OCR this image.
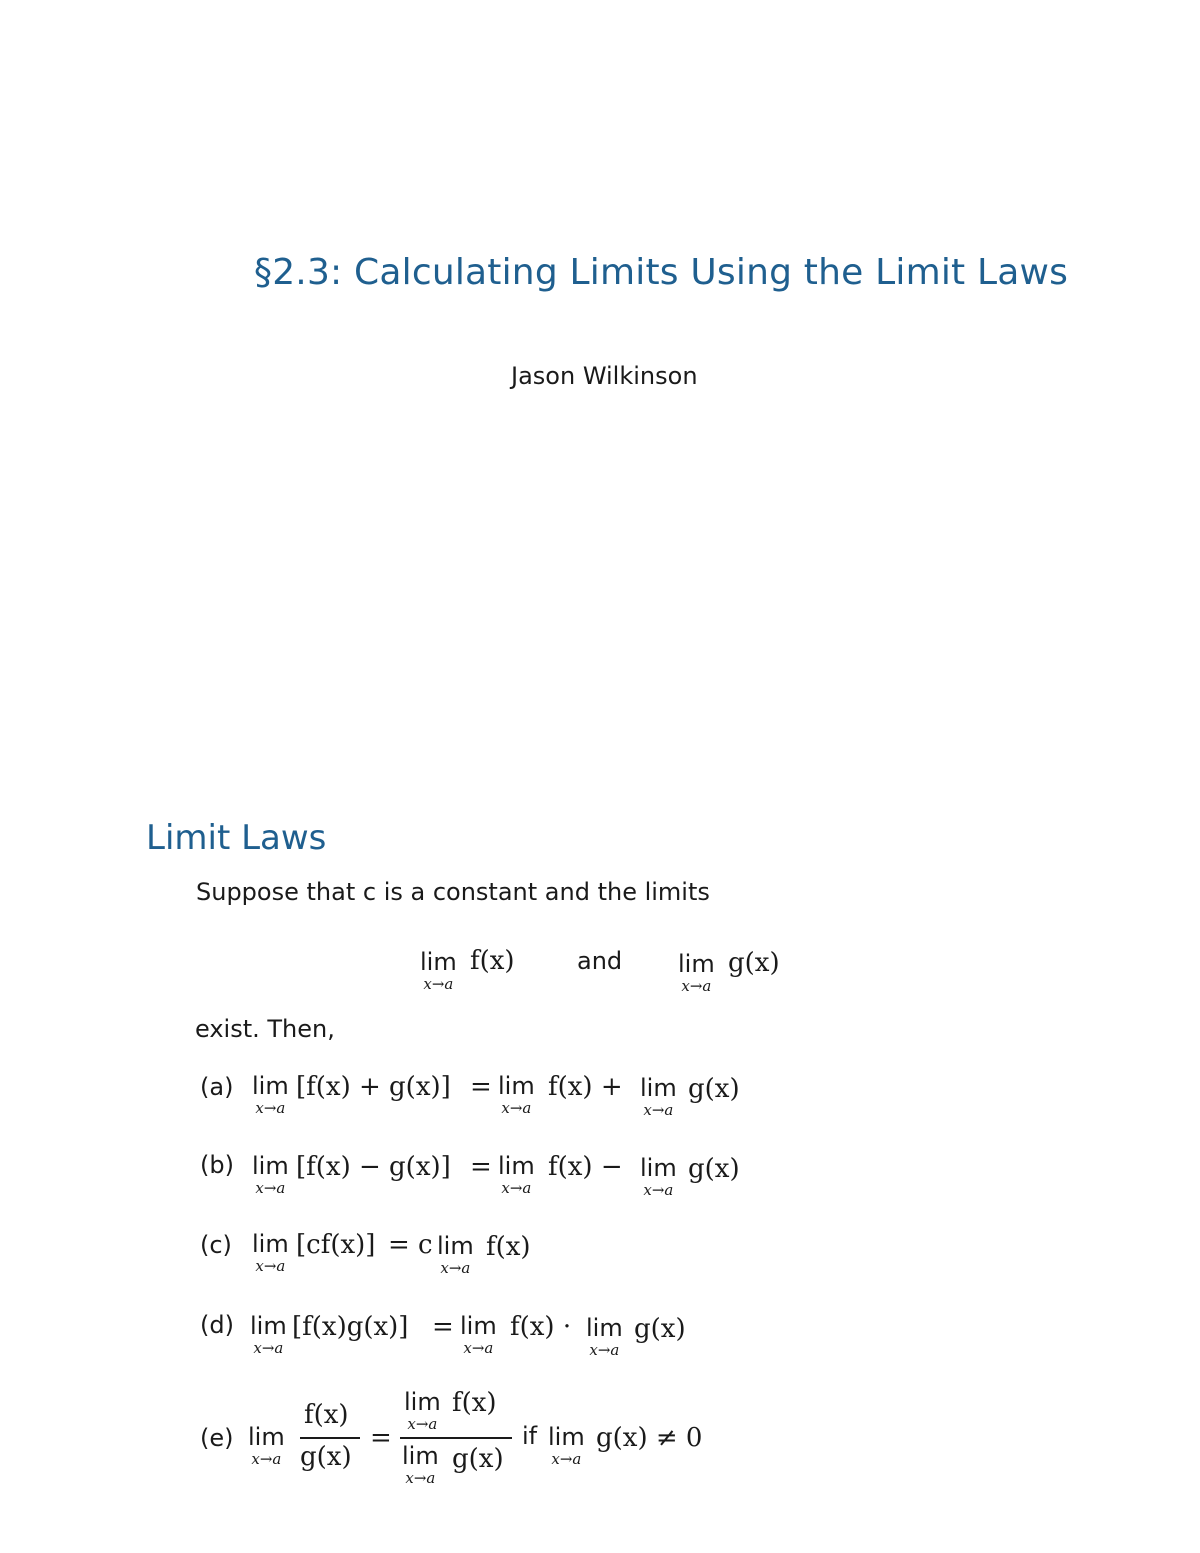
§2.3: Calculating Limits Using the Limit Laws
Jason Wilkinson
Limit Laws
Suppose that c is a constant and the limits
lim
x→a
f(x)	and lim
x→a
g(x)
exist. Then,
(a) lim
x→a
[f(x) + g(x)] = lim
x→a
f(x) + lim
x→a
g(x)
(b) lim
x→a
[f(x) − g(x)] = lim
x→a
f(x) − lim
x→a
g(x)
(c) lim
x→a
[cf(x)] = c lim
x→a
f(x)
(d) lim
x→a
[f(x)g(x)] = lim
x→a
f(x) · lim
x→a
g(x)
(e) lim
x→a
f(x)
g(x)
=
lim
x→a
f(x)
lim
x→a
g(x)
if lim
x→a
g(x) ≠ 0
